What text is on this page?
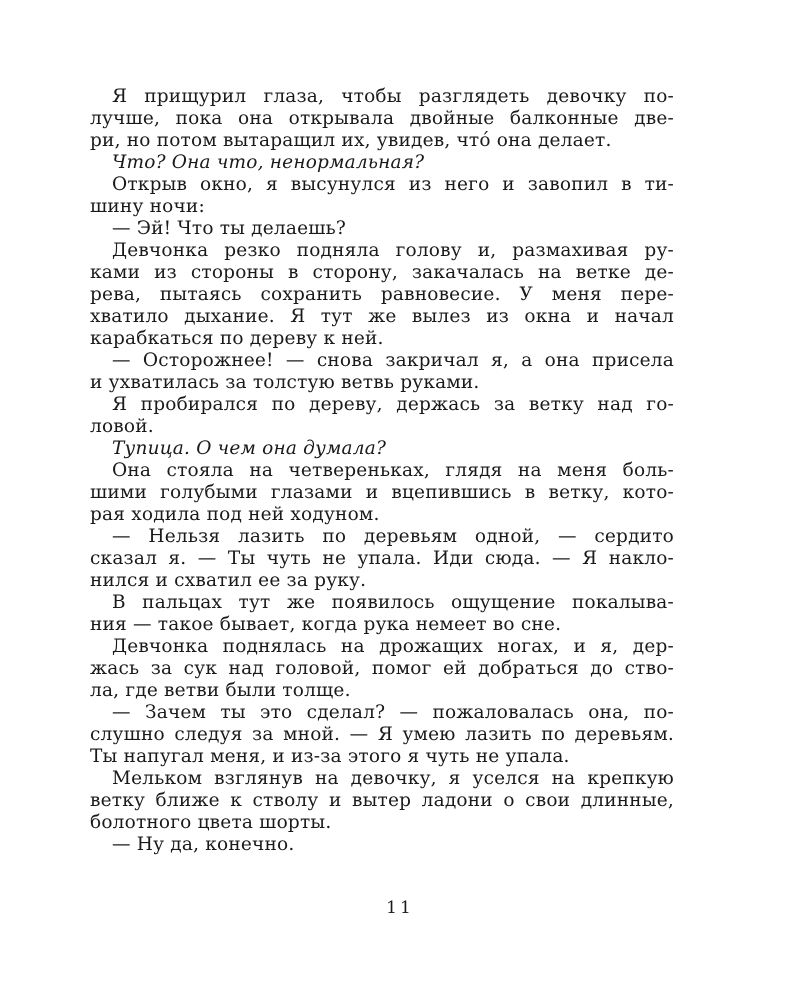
Я прищурил глаза, чтобы разглядеть девочку по-
лучше, пока она открывала двойные балконные две-
ри, но потом вытаращил их, увидев, чтó она делает.
Что? Она что, ненормальная?
Открыв окно, я высунулся из него и завопил в ти-
шину ночи:
— Эй! Что ты делаешь?
Девчонка резко подняла голову и, размахивая ру-
ками из стороны в сторону, закачалась на ветке де-
рева, пытаясь сохранить равновесие. У меня пере-
хватило дыхание. Я тут же вылез из окна и начал
карабкаться по дереву к ней.
— Осторожнее! — снова закричал я, а она присела
и ухватилась за толстую ветвь руками.
Я пробирался по дереву, держась за ветку над го-
ловой.
Тупица. О чем она думала?
Она стояла на четвереньках, глядя на меня боль-
шими голубыми глазами и вцепившись в ветку, кото-
рая ходила под ней ходуном.
— Нельзя лазить по деревьям одной, — сердито
сказал я. — Ты чуть не упала. Иди сюда. — Я накло-
нился и схватил ее за руку.
В пальцах тут же появилось ощущение покалыва-
ния — такое бывает, когда рука немеет во сне.
Девчонка поднялась на дрожащих ногах, и я, дер-
жась за сук над головой, помог ей добраться до ство-
ла, где ветви были толще.
— Зачем ты это сделал? — пожаловалась она, по-
слушно следуя за мной. — Я умею лазить по деревьям.
Ты напугал меня, и из-за этого я чуть не упала.
Мельком взглянув на девочку, я уселся на крепкую
ветку ближе к стволу и вытер ладони о свои длинные,
болотного цвета шорты.
— Ну да, конечно.
11
